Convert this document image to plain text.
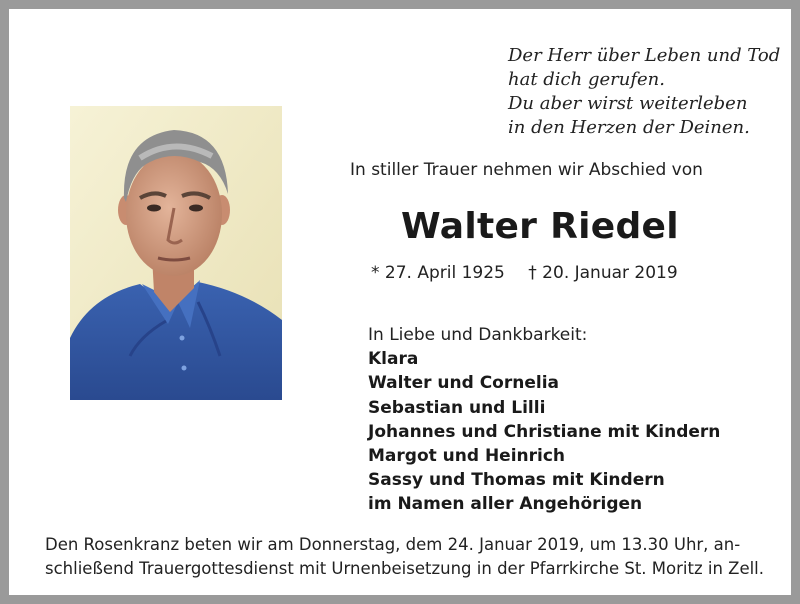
Der Herr über Leben und Tod
hat dich gerufen.
Du aber wirst weiterleben
in den Herzen der Deinen.
In stiller Trauer nehmen wir Abschied von
Walter Riedel
* 27. April 1925 † 20. Januar 2019
In Liebe und Dankbarkeit:
Klara
Walter und Cornelia
Sebastian und Lilli
Johannes und Christiane mit Kindern
Margot und Heinrich
Sassy und Thomas mit Kindern
im Namen aller Angehörigen
Den Rosenkranz beten wir am Donnerstag, dem 24. Januar 2019, um 13.30 Uhr, an-
schließend Trauergottesdienst mit Urnenbeisetzung in der Pfarrkirche St. Moritz in Zell.
